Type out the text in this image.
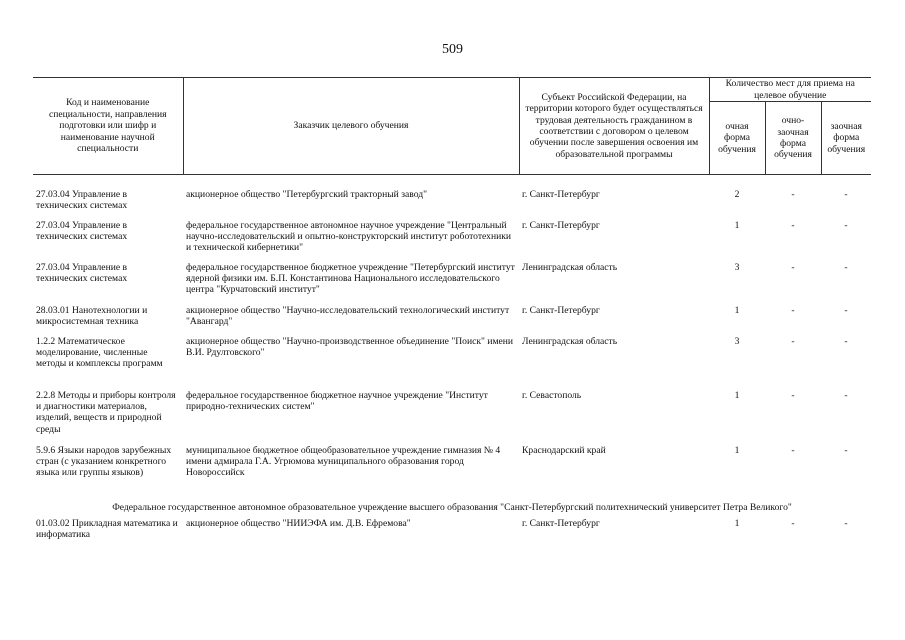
509
Код и наименование специальности, направления подготовки или шифр и наименование научной специальности	Заказчик целевого обучения	Субъект Российской Федерации, на территории которого будет осуществляться трудовая деятельность гражданином в соответствии с договором о целевом обучении после завершения освоения им образовательной программы	Количество мест для приема на целевое обучение		
			очная форма обучения	очно-заочная форма обучения	заочная форма обучения

27.03.04 Управление в технических системах	акционерное общество "Петербургский тракторный завод"	г. Санкт-Петербург	2	-	-
27.03.04 Управление в технических системах	федеральное государственное автономное научное учреждение "Центральный научно-исследовательский и опытно-конструкторский институт робототехники и технической кибернетики"	г. Санкт-Петербург	1	-	-
27.03.04 Управление в технических системах	федеральное государственное бюджетное учреждение "Петербургский институт ядерной физики им. Б.П. Константинова Национального исследовательского центра "Курчатовский институт"	Ленинградская область	3	-	-
28.03.01 Нанотехнологии и микросистемная техника	акционерное общество "Научно-исследовательский технологический институт "Авангард"	г. Санкт-Петербург	1	-	-
1.2.2 Математическое моделирование, численные методы и комплексы программ	акционерное общество "Научно-производственное объединение "Поиск" имени В.И. Рдултовского"	Ленинградская область	3	-	-
2.2.8 Методы и приборы контроля и диагностики материалов, изделий, веществ и природной среды	федеральное государственное бюджетное научное учреждение "Институт природно-технических систем"	г. Севастополь	1	-	-
5.9.6 Языки народов зарубежных стран (с указанием конкретного языка или группы языков)	муниципальное бюджетное общеобразовательное учреждение гимназия № 4 имени адмирала Г.А. Угрюмова муниципального образования город Новороссийск	Краснодарский край	1	-	-
Федеральное государственное автономное образовательное учреждение высшего образования "Санкт-Петербургский политехнический университет Петра Великого"					
01.03.02 Прикладная математика и информатика	акционерное общество "НИИЭФА им. Д.В. Ефремова"	г. Санкт-Петербург	1	-	-
